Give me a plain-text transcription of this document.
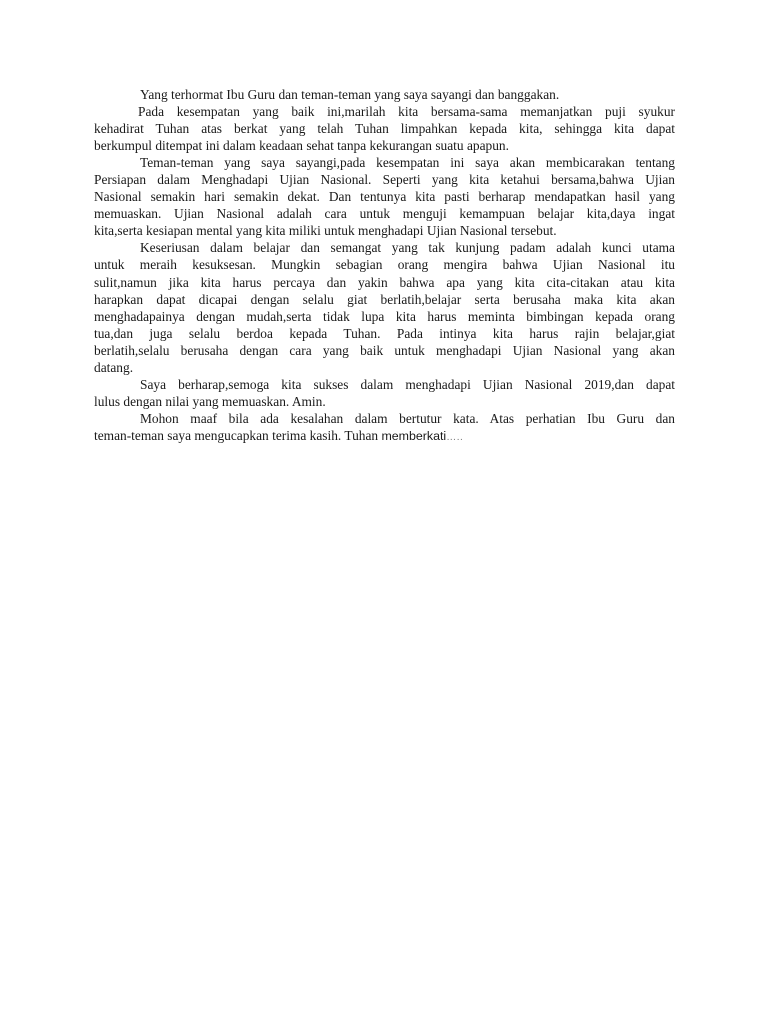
Yang terhormat Ibu Guru dan teman-teman yang saya sayangi dan banggakan.

Pada kesempatan yang baik ini,marilah kita bersama-sama memanjatkan puji syukur
kehadirat Tuhan atas berkat yang telah Tuhan limpahkan kepada kita, sehingga kita dapat
berkumpul ditempat ini dalam keadaan sehat tanpa kekurangan suatu apapun.

Teman-teman yang saya sayangi,pada kesempatan ini saya akan membicarakan tentang
Persiapan dalam Menghadapi Ujian Nasional. Seperti yang kita ketahui bersama,bahwa Ujian
Nasional semakin hari semakin dekat. Dan tentunya kita pasti berharap mendapatkan hasil yang
memuaskan. Ujian Nasional adalah cara untuk menguji kemampuan belajar kita,daya ingat
kita,serta kesiapan mental yang kita miliki untuk menghadapi Ujian Nasional tersebut.

Keseriusan dalam belajar dan semangat yang tak kunjung padam adalah kunci utama
untuk meraih kesuksesan. Mungkin sebagian orang mengira bahwa Ujian Nasional itu
sulit,namun jika kita harus percaya dan yakin bahwa apa yang kita cita-citakan atau kita
harapkan dapat dicapai dengan selalu giat berlatih,belajar serta berusaha maka kita akan
menghadapainya dengan mudah,serta tidak lupa kita harus meminta bimbingan kepada orang
tua,dan juga selalu berdoa kepada Tuhan. Pada intinya kita harus rajin belajar,giat
berlatih,selalu berusaha dengan cara yang baik untuk menghadapi Ujian Nasional yang akan
datang.

Saya berharap,semoga kita sukses dalam menghadapi Ujian Nasional 2019,dan dapat
lulus dengan nilai yang memuaskan. Amin.

Mohon maaf bila ada kesalahan dalam bertutur kata. Atas perhatian Ibu Guru dan
teman-teman saya mengucapkan terima kasih. Tuhan memberkati…..
